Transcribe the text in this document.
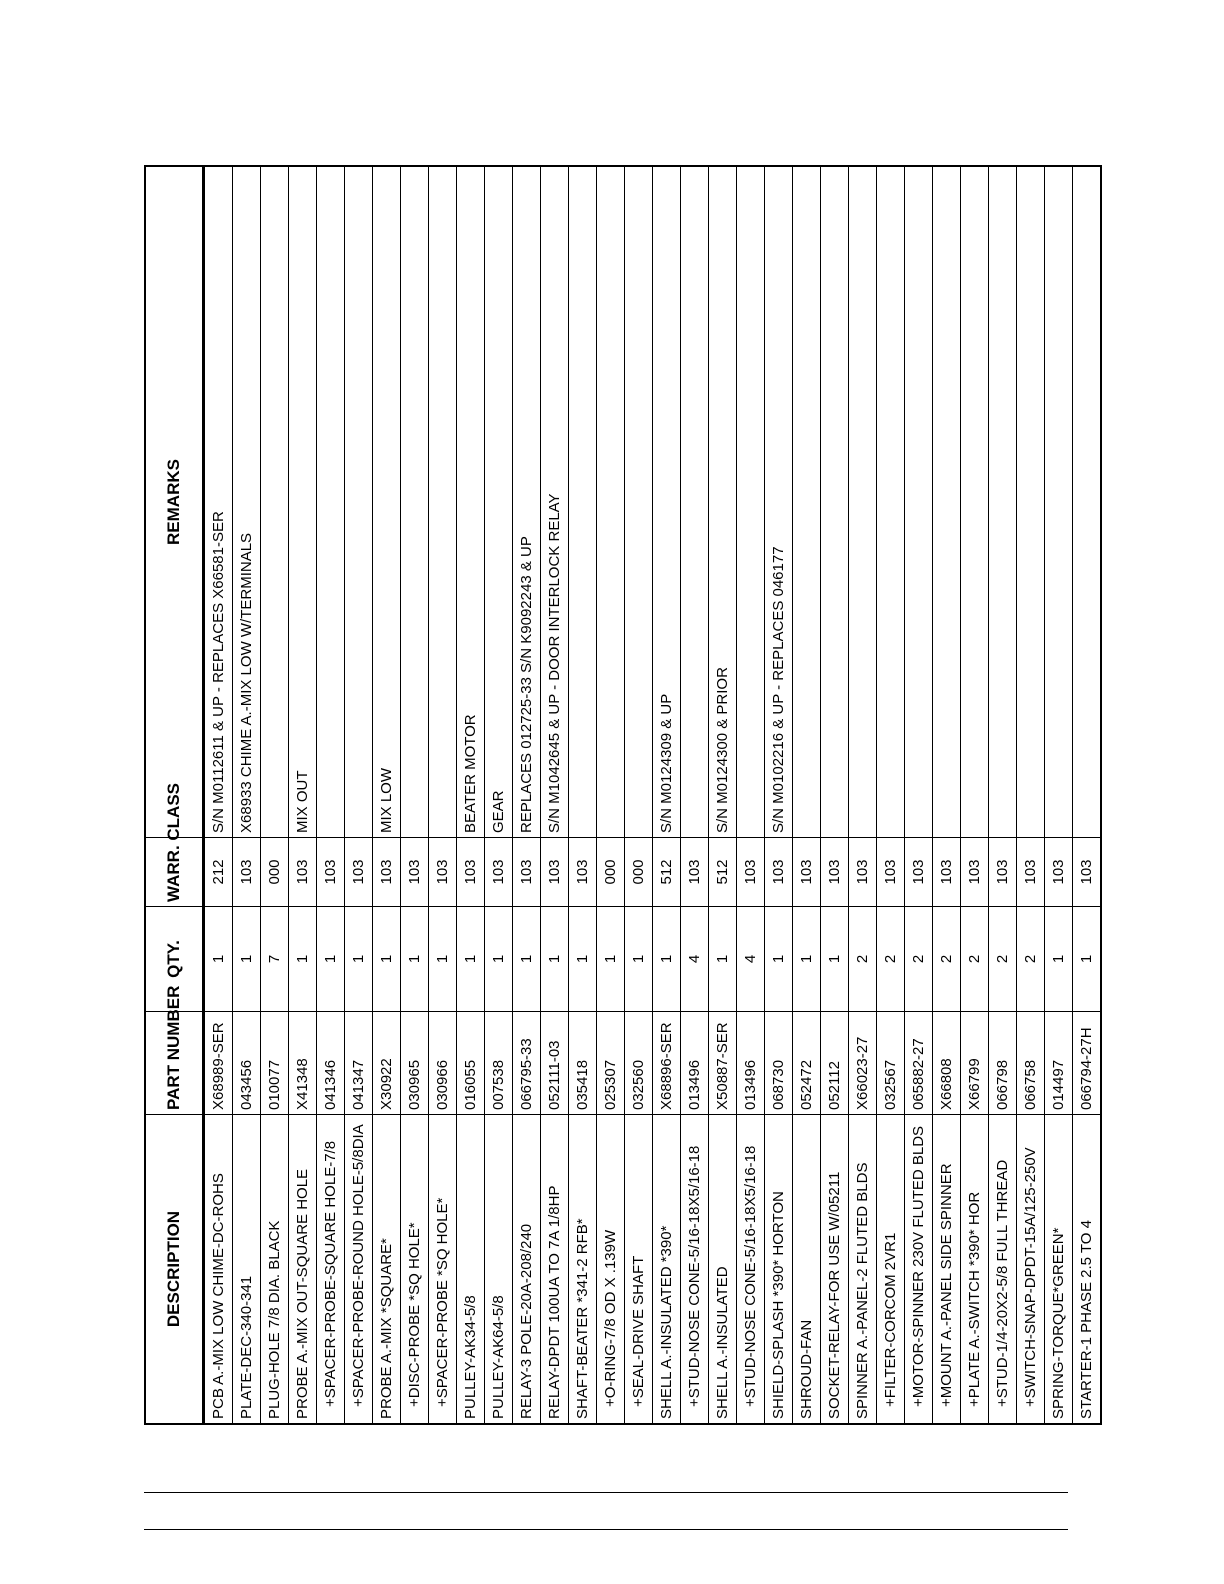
DESCRIPTION	PART NUMBER	QTY.	WARR. CLASS	REMARKS
PCB A.-MIX LOW CHIME-DC-ROHS	X68989-SER	1	212	S/N M0112611 & UP - REPLACES X66581-SER
PLATE-DEC-340-341	043456	1	103	X68933 CHIME A.-MIX LOW W/TERMINALS
PLUG-HOLE 7/8 DIA. BLACK	010077	7	000	
PROBE A.-MIX OUT-SQUARE HOLE	X41348	1	103	MIX OUT
+SPACER-PROBE-SQUARE HOLE-7/8	041346	1	103	
+SPACER-PROBE-ROUND HOLE-5/8DIA	041347	1	103	
PROBE A.-MIX *SQUARE*	X30922	1	103	MIX LOW
+DISC-PROBE *SQ HOLE*	030965	1	103	
+SPACER-PROBE *SQ HOLE*	030966	1	103	
PULLEY-AK34-5/8	016055	1	103	BEATER MOTOR
PULLEY-AK64-5/8	007538	1	103	GEAR
RELAY-3 POLE-20A-208/240	066795-33	1	103	REPLACES 012725-33 S/N K9092243 & UP
RELAY-DPDT 100UA TO 7A 1/8HP	052111-03	1	103	S/N M1042645 & UP - DOOR INTERLOCK RELAY
SHAFT-BEATER *341-2 RFB*	035418	1	103	
+O-RING-7/8 OD X .139W	025307	1	000	
+SEAL-DRIVE SHAFT	032560	1	000	
SHELL A.-INSULATED *390*	X68896-SER	1	512	S/N M0124309 & UP
+STUD-NOSE CONE-5/16-18X5/16-18	013496	4	103	
SHELL A.-INSULATED	X50887-SER	1	512	S/N M0124300 & PRIOR
+STUD-NOSE CONE-5/16-18X5/16-18	013496	4	103	
SHIELD-SPLASH *390* HORTON	068730	1	103	S/N M0102216 & UP - REPLACES 046177
SHROUD-FAN	052472	1	103	
SOCKET-RELAY-FOR USE W/05211	052112	1	103	
SPINNER A.-PANEL-2 FLUTED BLDS	X66023-27	2	103	
+FILTER-CORCOM 2VR1	032567	2	103	
+MOTOR-SPINNER 230V FLUTED BLDS	065882-27	2	103	
+MOUNT A.-PANEL SIDE SPINNER	X66808	2	103	
+PLATE A.-SWITCH *390* HOR	X66799	2	103	
+STUD-1/4-20X2-5/8 FULL THREAD	066798	2	103	
+SWITCH-SNAP-DPDT-15A/125-250V	066758	2	103	
SPRING-TORQUE*GREEN*	014497	1	103	
STARTER-1 PHASE 2.5 TO 4	066794-27H	1	103	
